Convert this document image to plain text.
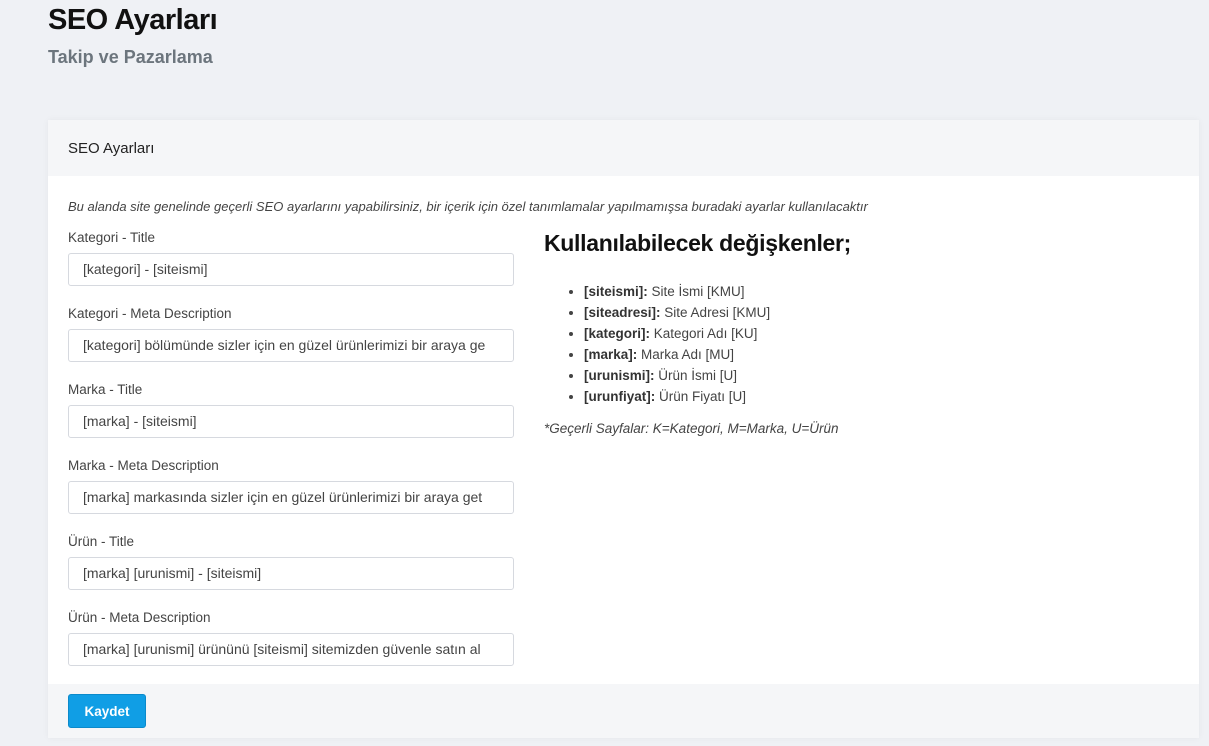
SEO Ayarları
Takip ve Pazarlama
SEO Ayarları
Bu alanda site genelinde geçerli SEO ayarlarını yapabilirsiniz, bir içerik için özel tanımlamalar yapılmamışsa buradaki ayarlar kullanılacaktır
Kategori - Title
[kategori] - [siteismi]
Kategori - Meta Description
[kategori] bölümünde sizler için en güzel ürünlerimizi bir araya ge
Marka - Title
[marka] - [siteismi]
Marka - Meta Description
[marka] markasında sizler için en güzel ürünlerimizi bir araya get
Ürün - Title
[marka] [urunismi] - [siteismi]
Ürün - Meta Description
[marka] [urunismi] ürününü [siteismi] sitemizden güvenle satın al
Kullanılabilecek değişkenler;
• [siteismi]: Site İsmi [KMU]
• [siteadresi]: Site Adresi [KMU]
• [kategori]: Kategori Adı [KU]
• [marka]: Marka Adı [MU]
• [urunismi]: Ürün İsmi [U]
• [urunfiyat]: Ürün Fiyatı [U]
*Geçerli Sayfalar: K=Kategori, M=Marka, U=Ürün
Kaydet
